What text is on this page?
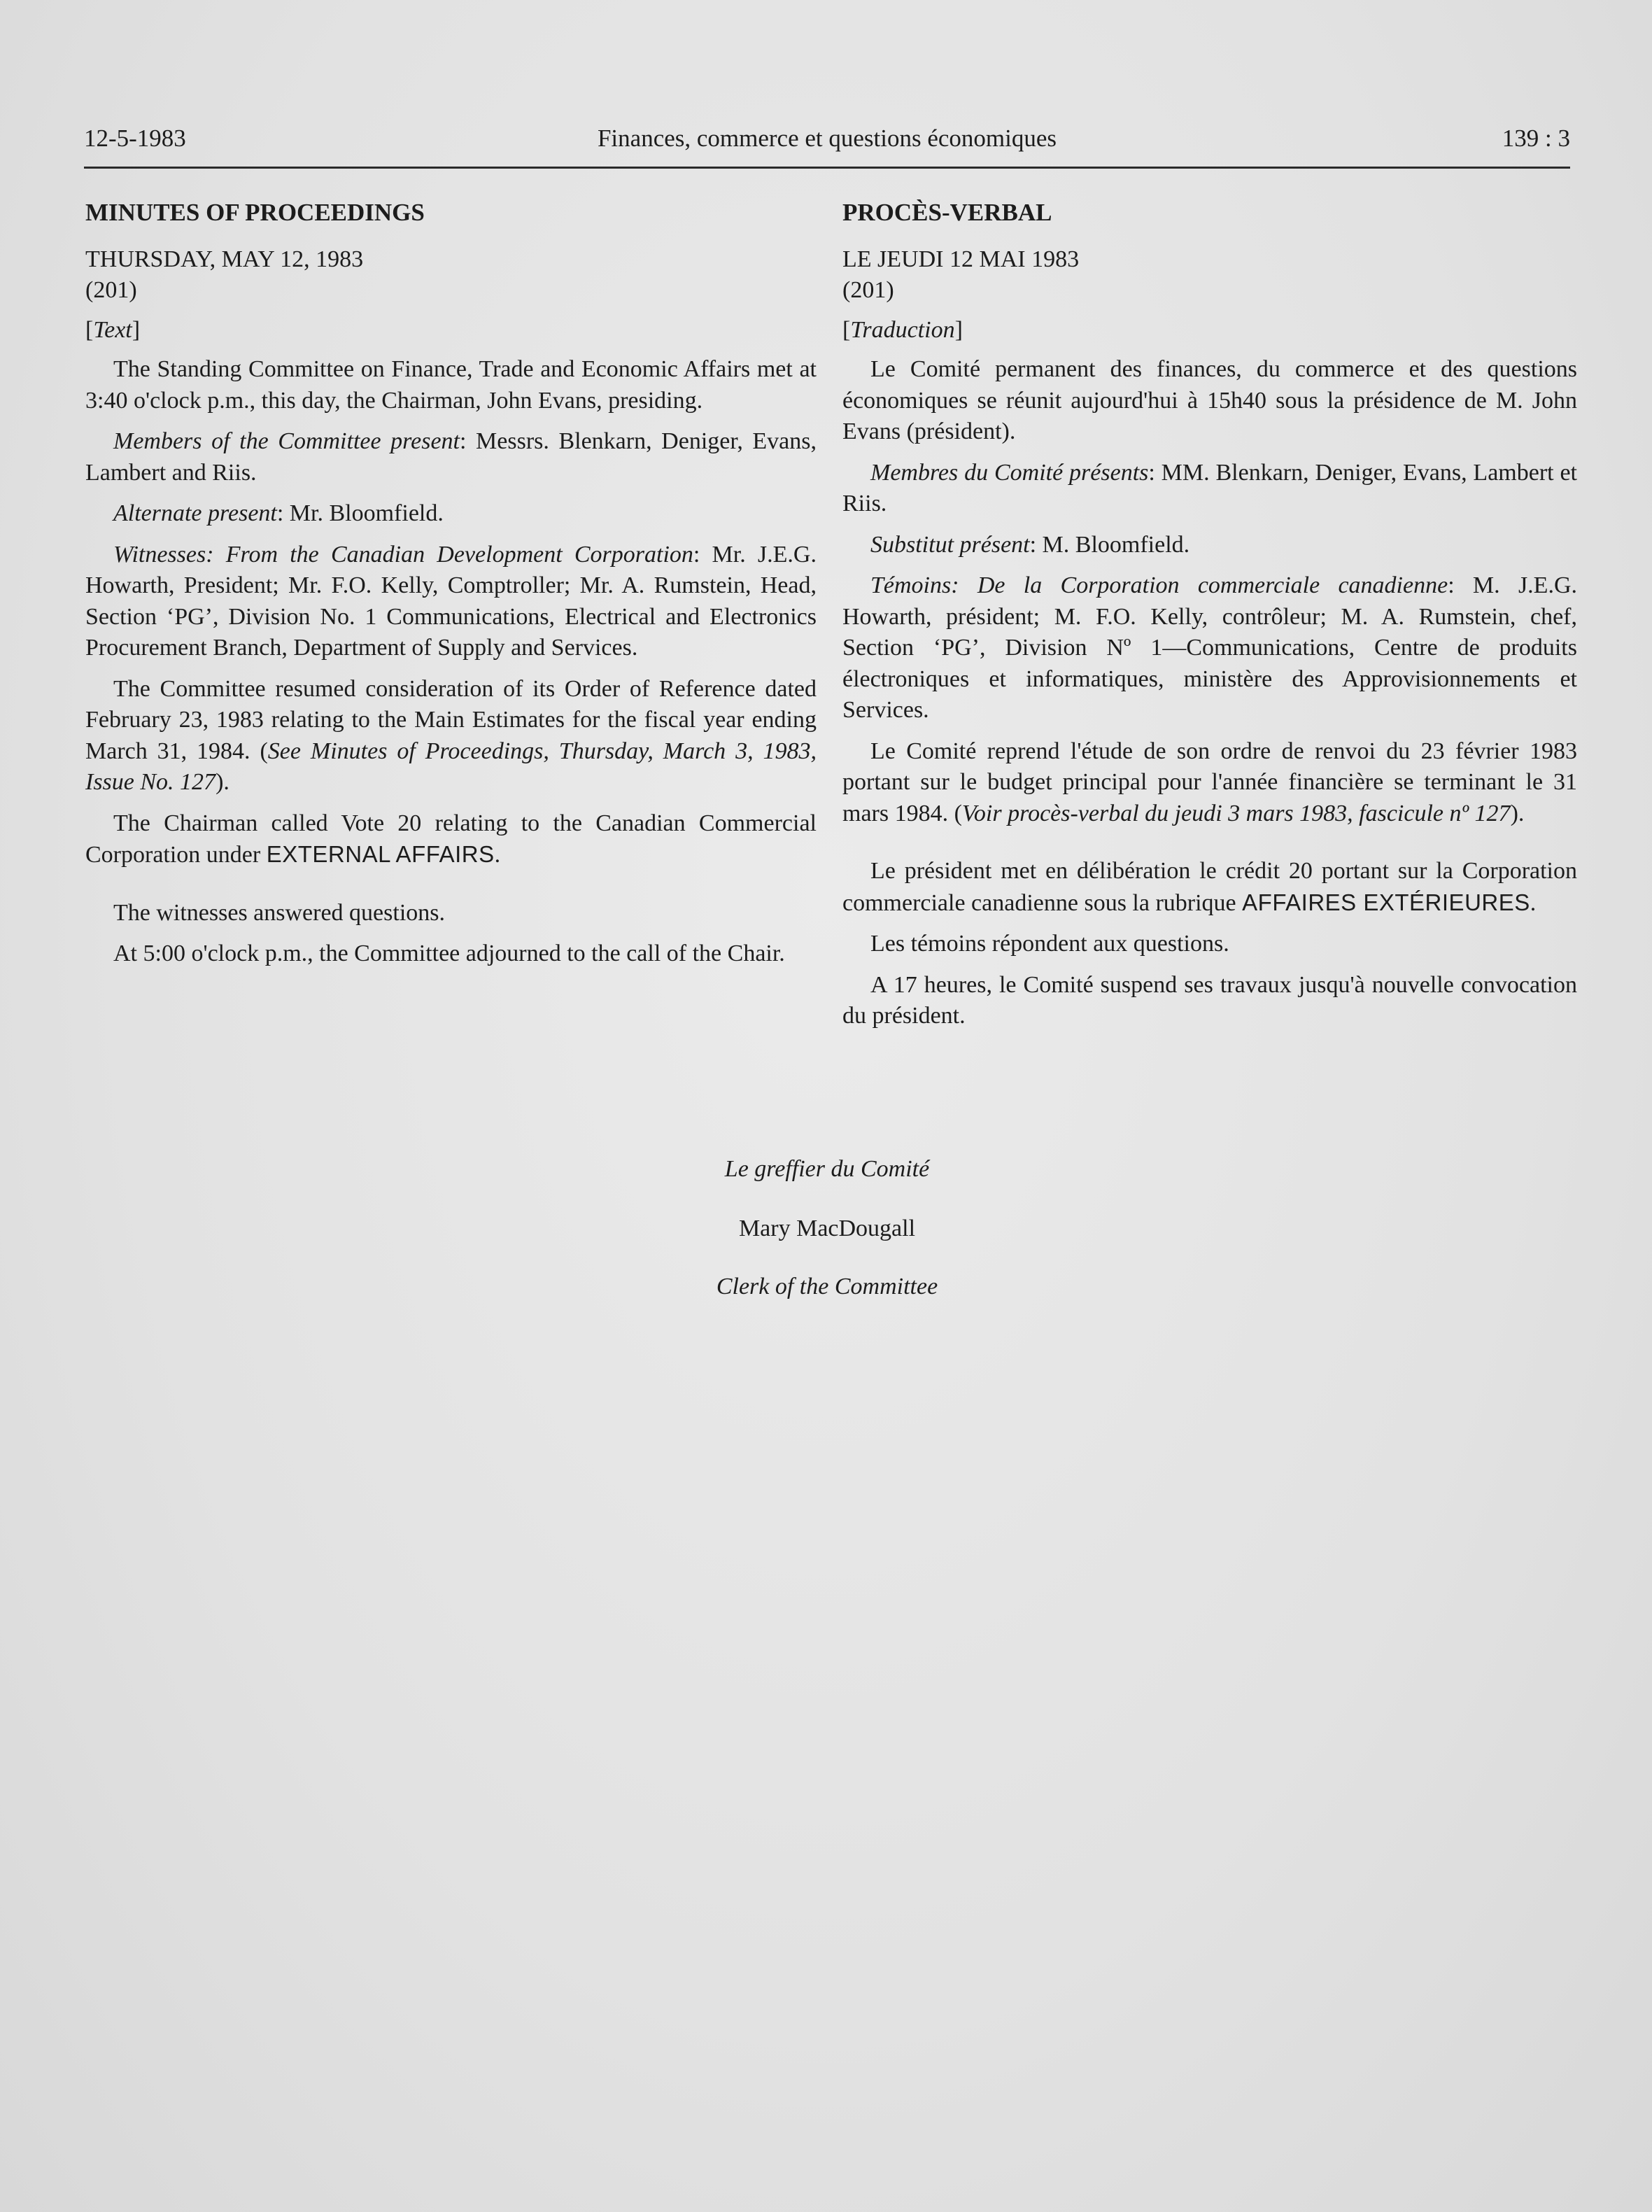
12-5-1983	Finances, commerce et questions économiques	139 : 3

MINUTES OF PROCEEDINGS

THURSDAY, MAY 12, 1983

(201)

[Text]

The Standing Committee on Finance, Trade and Economic Affairs met at 3:40 o'clock p.m., this day, the Chairman, John Evans, presiding.

Members of the Committee present: Messrs. Blenkarn, Deniger, Evans, Lambert and Riis.

Alternate present: Mr. Bloomfield.

Witnesses: From the Canadian Development Corporation: Mr. J.E.G. Howarth, President; Mr. F.O. Kelly, Comptroller; Mr. A. Rumstein, Head, Section ‘PG’, Division No. 1 Communications, Electrical and Electronics Procurement Branch, Department of Supply and Services.

The Committee resumed consideration of its Order of Reference dated February 23, 1983 relating to the Main Estimates for the fiscal year ending March 31, 1984. (See Minutes of Proceedings, Thursday, March 3, 1983, Issue No. 127).

The Chairman called Vote 20 relating to the Canadian Commercial Corporation under EXTERNAL AFFAIRS.

The witnesses answered questions.

At 5:00 o'clock p.m., the Committee adjourned to the call of the Chair.

PROCÈS-VERBAL

LE JEUDI 12 MAI 1983

(201)

[Traduction]

Le Comité permanent des finances, du commerce et des questions économiques se réunit aujourd'hui à 15h40 sous la présidence de M. John Evans (président).

Membres du Comité présents: MM. Blenkarn, Deniger, Evans, Lambert et Riis.

Substitut présent: M. Bloomfield.

Témoins: De la Corporation commerciale canadienne: M. J.E.G. Howarth, président; M. F.O. Kelly, contrôleur; M. A. Rumstein, chef, Section ‘PG’, Division Nº 1—Communications, Centre de produits électroniques et informatiques, ministère des Approvisionnements et Services.

Le Comité reprend l'étude de son ordre de renvoi du 23 février 1983 portant sur le budget principal pour l'année financière se terminant le 31 mars 1984. (Voir procès-verbal du jeudi 3 mars 1983, fascicule nº 127).

Le président met en délibération le crédit 20 portant sur la Corporation commerciale canadienne sous la rubrique AFFAIRES EXTÉRIEURES.

Les témoins répondent aux questions.

A 17 heures, le Comité suspend ses travaux jusqu'à nouvelle convocation du président.

Le greffier du Comité
Mary MacDougall
Clerk of the Committee
